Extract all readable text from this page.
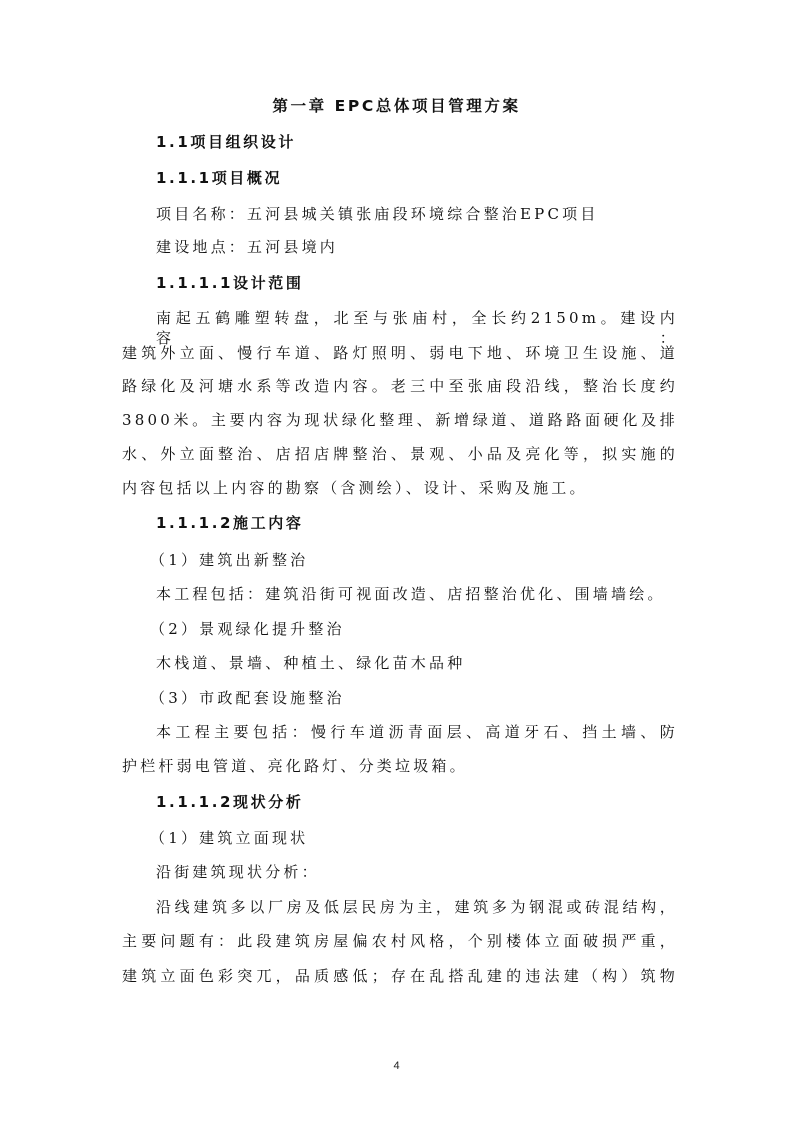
第一章 EPC总体项目管理方案
1.1项目组织设计
1.1.1项目概况
项目名称：五河县城关镇张庙段环境综合整治EPC项目
建设地点：五河县境内
1.1.1.1设计范围
南起五鹤雕塑转盘，北至与张庙村，全长约2150m。建设内容：
建筑外立面、慢行车道、路灯照明、弱电下地、环境卫生设施、道
路绿化及河塘水系等改造内容。老三中至张庙段沿线，整治长度约
3800米。主要内容为现状绿化整理、新增绿道、道路路面硬化及排
水、外立面整治、店招店牌整治、景观、小品及亮化等，拟实施的
内容包括以上内容的勘察（含测绘）、设计、采购及施工。
1.1.1.2施工内容
（1）建筑出新整治
本工程包括：建筑沿街可视面改造、店招整治优化、围墙墙绘。
（2）景观绿化提升整治
木栈道、景墙、种植土、绿化苗木品种
（3）市政配套设施整治
本工程主要包括：慢行车道沥青面层、高道牙石、挡土墙、防
护栏杆弱电管道、亮化路灯、分类垃圾箱。
1.1.1.2现状分析
（1）建筑立面现状
沿街建筑现状分析：
沿线建筑多以厂房及低层民房为主，建筑多为钢混或砖混结构，
主要问题有：此段建筑房屋偏农村风格，个别楼体立面破损严重，
建筑立面色彩突兀，品质感低；存在乱搭乱建的违法建（构）筑物
4
